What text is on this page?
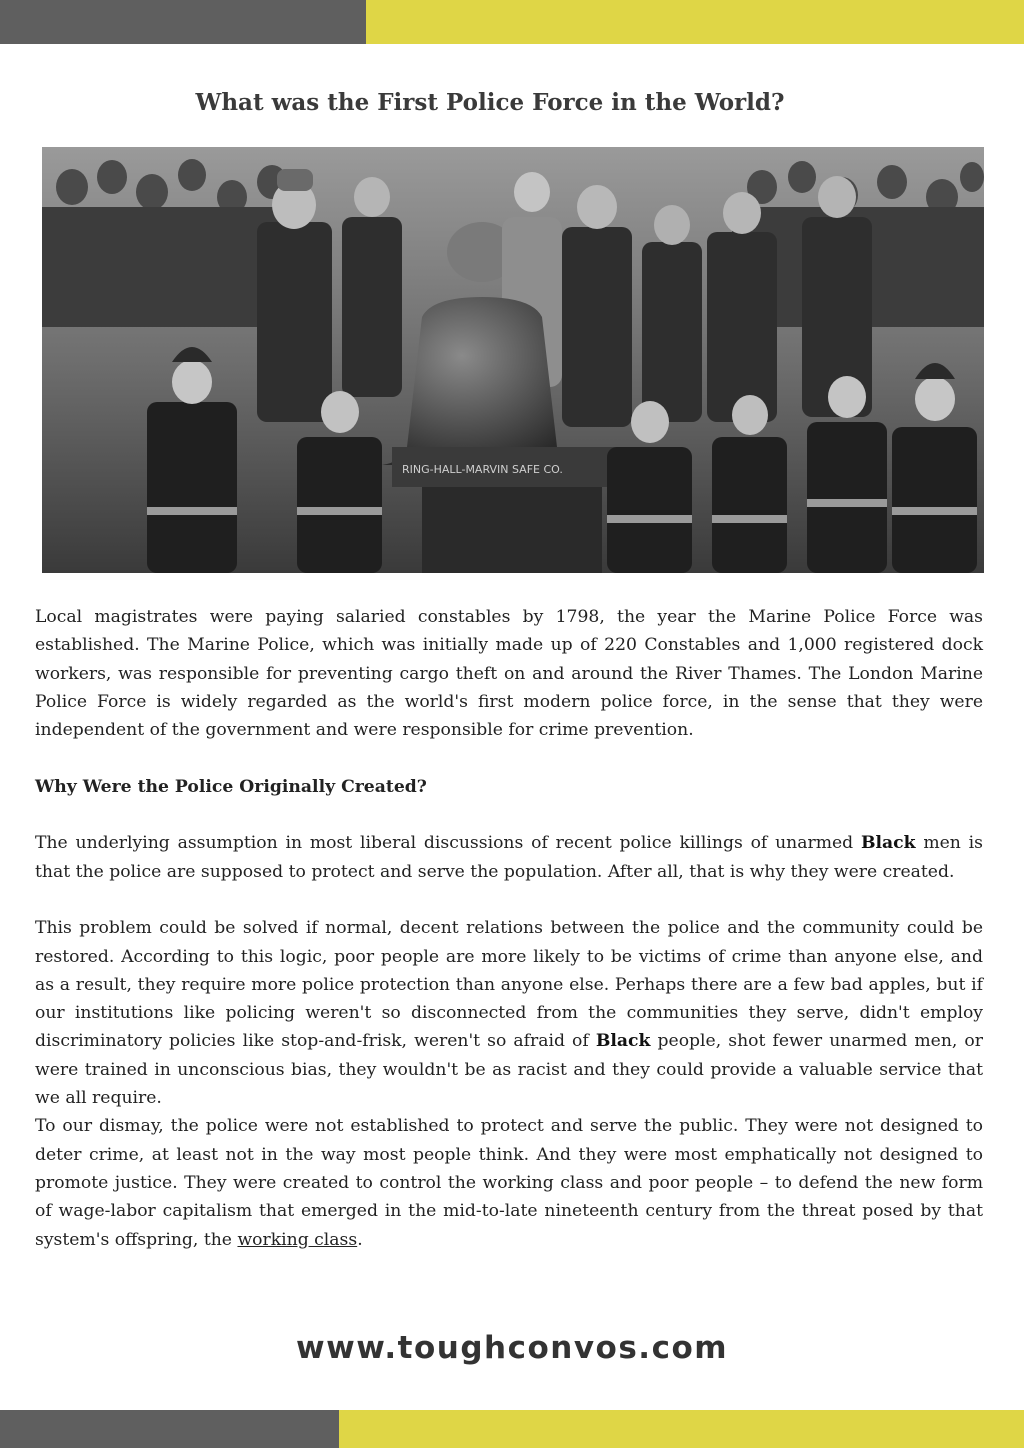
What was the First Police Force in the World?
RING-HALL-MARVIN SAFE CO.

Local magistrates were paying salaried constables by 1798, the year the Marine Police Force was established. The Marine Police, which was initially made up of 220 Constables and 1,000 registered dock workers, was responsible for preventing cargo theft on and around the River Thames. The London Marine Police Force is widely regarded as the world's first modern police force, in the sense that they were independent of the government and were responsible for crime prevention.

Why Were the Police Originally Created?

The underlying assumption in most liberal discussions of recent police killings of unarmed Black men is that the police are supposed to protect and serve the population. After all, that is why they were created.

This problem could be solved if normal, decent relations between the police and the community could be restored. According to this logic, poor people are more likely to be victims of crime than anyone else, and as a result, they require more police protection than anyone else. Perhaps there are a few bad apples, but if our institutions like policing weren't so disconnected from the communities they serve, didn't employ discriminatory policies like stop-and-frisk, weren't so afraid of Black people, shot fewer unarmed men, or were trained in unconscious bias, they wouldn't be as racist and they could provide a valuable service that we all require.

To our dismay, the police were not established to protect and serve the public. They were not designed to deter crime, at least not in the way most people think. And they were most emphatically not designed to promote justice. They were created to control the working class and poor people – to defend the new form of wage-labor capitalism that emerged in the mid-to-late nineteenth century from the threat posed by that system's offspring, the working class.

www.toughconvos.com
